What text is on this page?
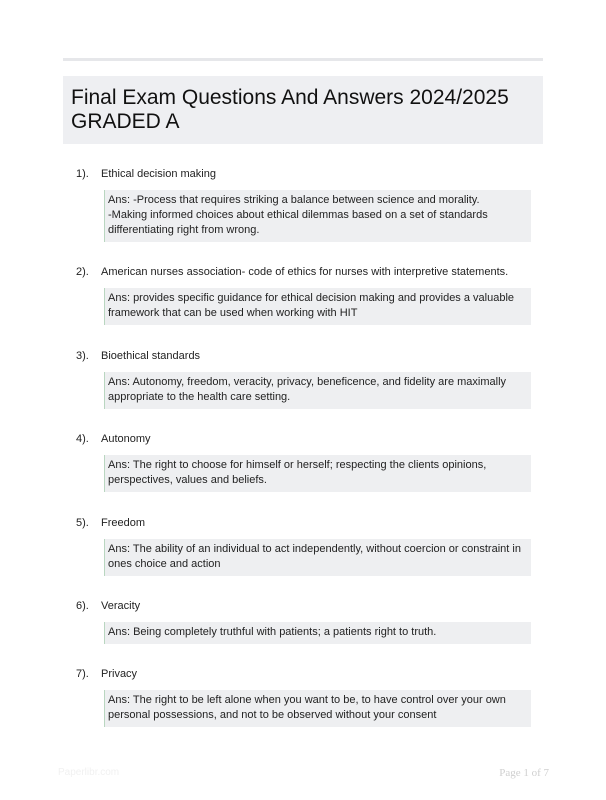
Final Exam Questions And Answers 2024/2025 GRADED A
1).	Ethical decision making
Ans: -Process that requires striking a balance between science and morality.
-Making informed choices about ethical dilemmas based on a set of standards differentiating right from wrong.
2).	American nurses association- code of ethics for nurses with interpretive statements.
Ans: provides specific guidance for ethical decision making and provides a valuable framework that can be used when working with HIT
3).	Bioethical standards
Ans: Autonomy, freedom, veracity, privacy, beneficence, and fidelity are maximally appropriate to the health care setting.
4).	Autonomy
Ans: The right to choose for himself or herself; respecting the clients opinions, perspectives, values and beliefs.
5).	Freedom
Ans: The ability of an individual to act independently, without coercion or constraint in ones choice and action
6).	Veracity
Ans: Being completely truthful with patients; a patients right to truth.
7).	Privacy
Ans: The right to be left alone when you want to be, to have control over your own personal possessions, and not to be observed without your consent
Paperlibr.com	Page 1 of 7
